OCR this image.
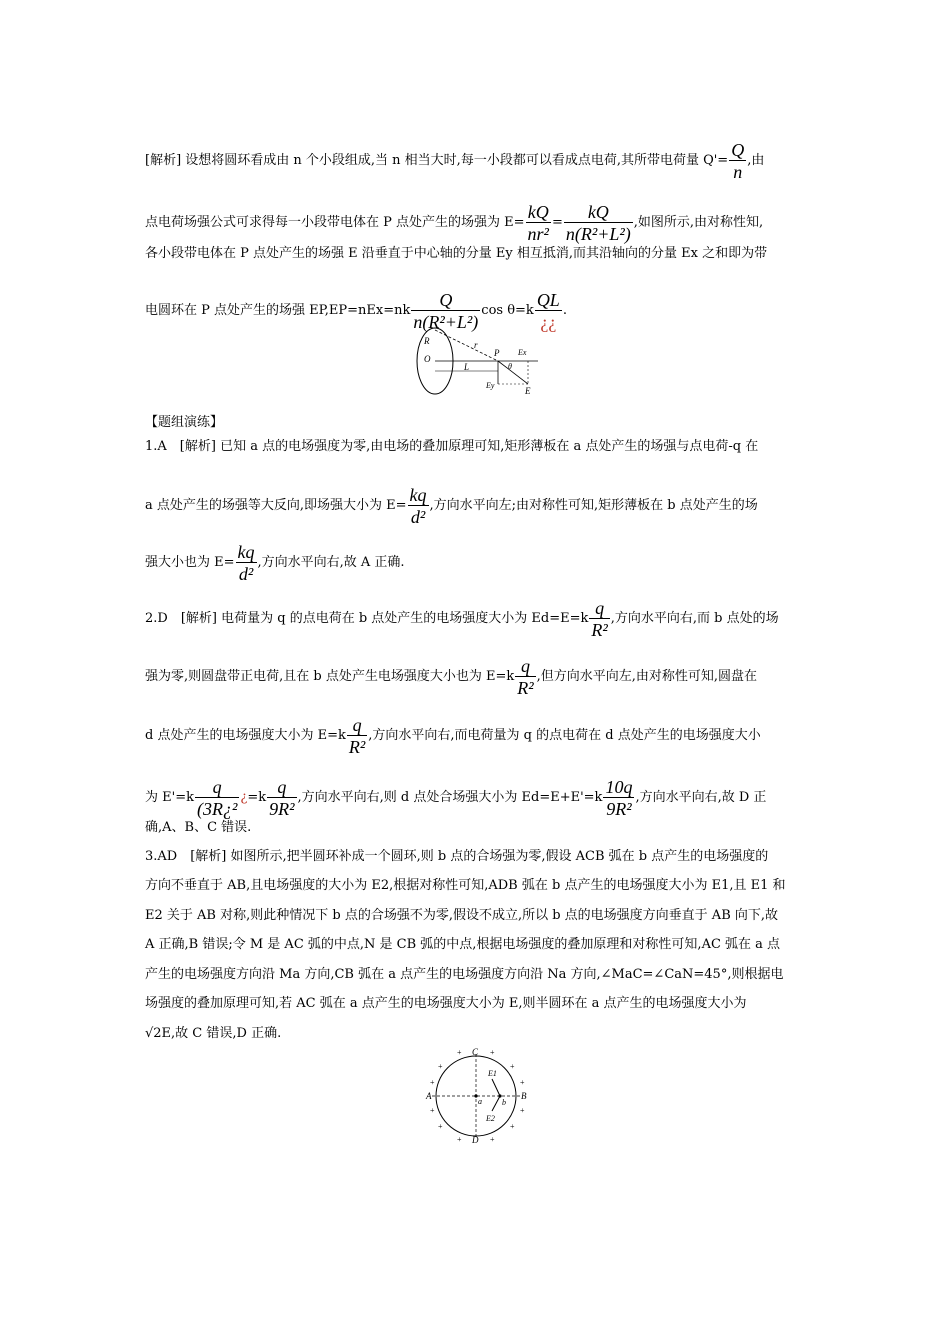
[解析] 设想将圆环看成由 n 个小段组成,当 n 相当大时,每一小段都可以看成点电荷,其所带电荷量 $Q'= \frac{Q}{n}$ ,由
点电荷场强公式可求得每一小段带电体在 P 点处产生的场强为 $E= \frac{kQ}{\text{nr²}} = \frac{kQ}{\text{n(R²+L²)}}$ ,如图所示,由对称性知,
各小段带电体在 P 点处产生的场强 E 沿垂直于中心轴的分量 Ey 相互抵消,而其沿轴向的分量 Ex 之和即为带
电圆环在 P 点处产生的场强 $EP,EP=nEx=nk \frac{Q}{\text{n(R²+L²)}}$ $\cos \theta=k \frac{QL}{¿¿}$ .
R
O
r
P Ex
L	θ
Ey
E
【题组演练】
1.A　[解析] 已知 a 点的电场强度为零,由电场的叠加原理可知,矩形薄板在 a 点处产生的场强与点电荷-q 在
a 点处产生的场强等大反向,即场强大小为 $E= \frac{kq}{\text{d²}}$ ,方向水平向左;由对称性可知,矩形薄板在 b 点处产生的场
强大小也为 $E= \frac{kq}{\text{d²}}$ ,方向水平向右,故 A 正确.
2.D　[解析] 电荷量为 q 的点电荷在 b 点处产生的电场强度大小为 $Ed=E=k \frac{q}{\text{R²}}$ ,方向水平向右,而 b 点处的场
强为零,则圆盘带正电荷,且在 b 点处产生电场强度大小也为 $E=k \frac{q}{\text{R²}}$ ,但方向水平向左,由对称性可知,圆盘在
d 点处产生的电场强度大小为 $E=k \frac{q}{\text{R²}}$ ,方向水平向右,而电荷量为 q 的点电荷在 d 点处产生的电场强度大小
为 $E'=k \frac{q}{\text{(3R¿²}}$ ¿$=k \frac{q}{\text{9R²}}$ ,方向水平向右,则 d 点处合场强大小为 $Ed=E+E'=k \frac{10q}{\text{9R²}}$ ,方向水平向右,故 D 正
确,A、B、C 错误.
3.AD　[解析] 如图所示,把半圆环补成一个圆环,则 b 点的合场强为零,假设 ACB 弧在 b 点产生的电场强度的
方向不垂直于 AB,且电场强度的大小为 E2,根据对称性可知,ADB 弧在 b 点产生的电场强度大小为 E1,且 E1 和
E2 关于 AB 对称,则此种情况下 b 点的合场强不为零,假设不成立,所以 b 点的电场强度方向垂直于 AB 向下,故
A 正确,B 错误;令 M 是 AC 弧的中点,N 是 CB 弧的中点,根据电场强度的叠加原理和对称性可知,AC 弧在 a 点
产生的电场强度方向沿 Ma 方向,CB 弧在 a 点产生的电场强度方向沿 Na 方向,∠MaC=∠CaN=45°,则根据电
场强度的叠加原理可知,若 AC 弧在 a 点产生的电场强度大小为 E,则半圆环在 a 点产生的电场强度大小为
√2E,故 C 错误,D 正确.
C
A
a
E1
b
B
E2
D
+	+
+	+
+	+
+	+
+	+
+	+
